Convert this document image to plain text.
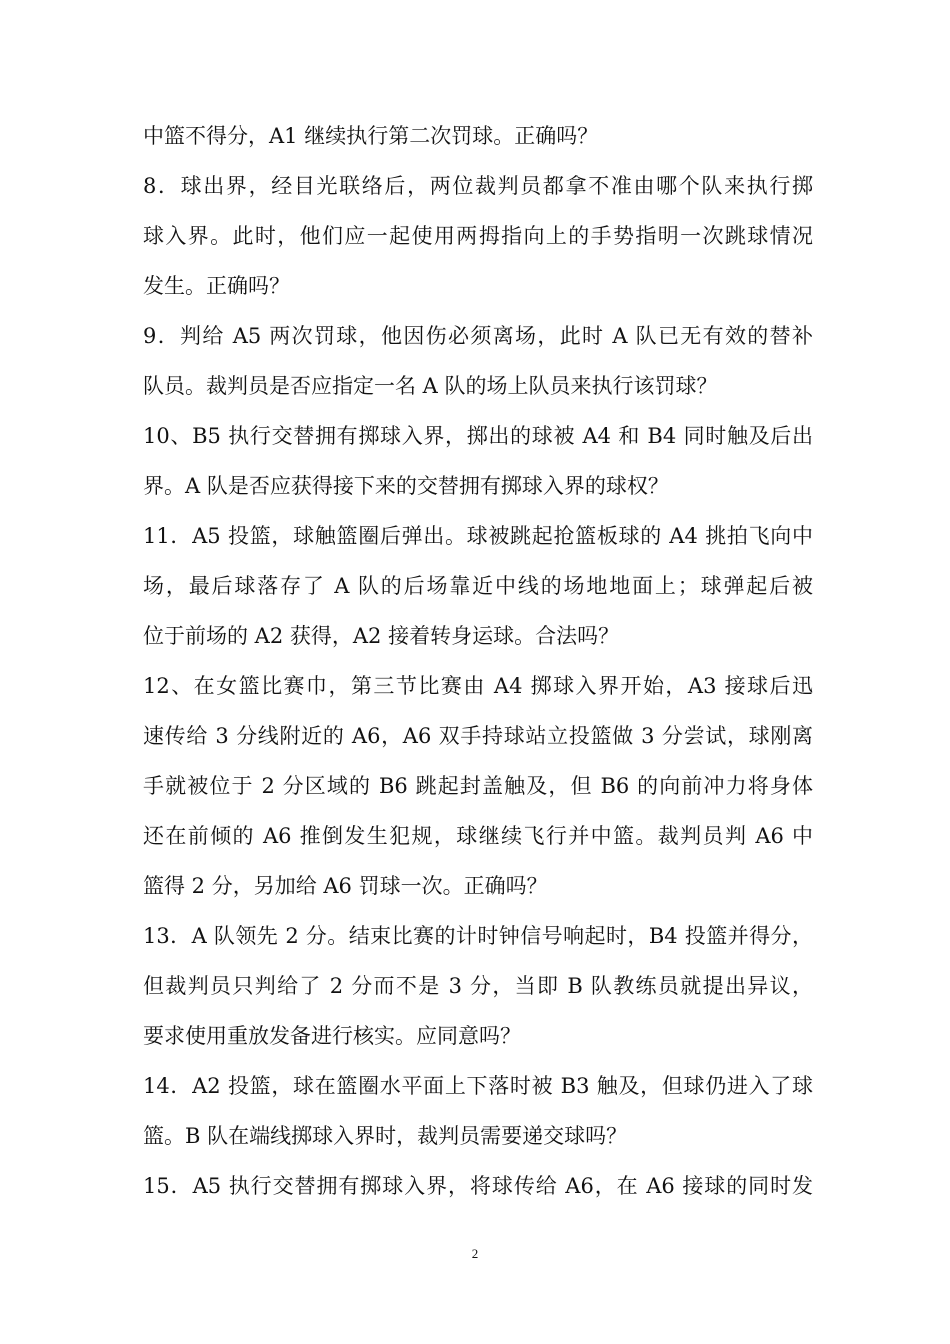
中篮不得分，A1 继续执行第二次罚球。正确吗？
8．球出界，经目光联络后，两位裁判员都拿不准由哪个队来执行掷
球入界。此时，他们应一起使用两拇指向上的手势指明一次跳球情况
发生。正确吗？
9．判给 A5 两次罚球，他因伤必须离场，此时 A 队已无有效的替补
队员。裁判员是否应指定一名 A 队的场上队员来执行该罚球？
10、B5 执行交替拥有掷球入界，掷出的球被 A4 和 B4 同时触及后出
界。A 队是否应获得接下来的交替拥有掷球入界的球权？
11．A5 投篮，球触篮圈后弹出。球被跳起抢篮板球的 A4 挑拍飞向中
场，最后球落存了 A 队的后场靠近中线的场地地面上；球弹起后被
位于前场的 A2 获得，A2 接着转身运球。合法吗？
12、在女篮比赛巾，第三节比赛由 A4 掷球入界开始，A3 接球后迅
速传给 3 分线附近的 A6，A6 双手持球站立投篮做 3 分尝试，球刚离
手就被位于 2 分区域的 B6 跳起封盖触及，但 B6 的向前冲力将身体
还在前倾的 A6 推倒发生犯规，球继续飞行并中篮。裁判员判 A6 中
篮得 2 分，另加给 A6 罚球一次。正确吗？
13．A 队领先 2 分。结束比赛的计时钟信号响起时，B4 投篮并得分，
但裁判员只判给了 2 分而不是 3 分，当即 B 队教练员就提出异议，
要求使用重放发备进行核实。应同意吗？
14．A2 投篮，球在篮圈水平面上下落时被 B3 触及，但球仍进入了球
篮。B 队在端线掷球入界时，裁判员需要递交球吗？
15．A5 执行交替拥有掷球入界，将球传给 A6，在 A6 接球的同时发
2
